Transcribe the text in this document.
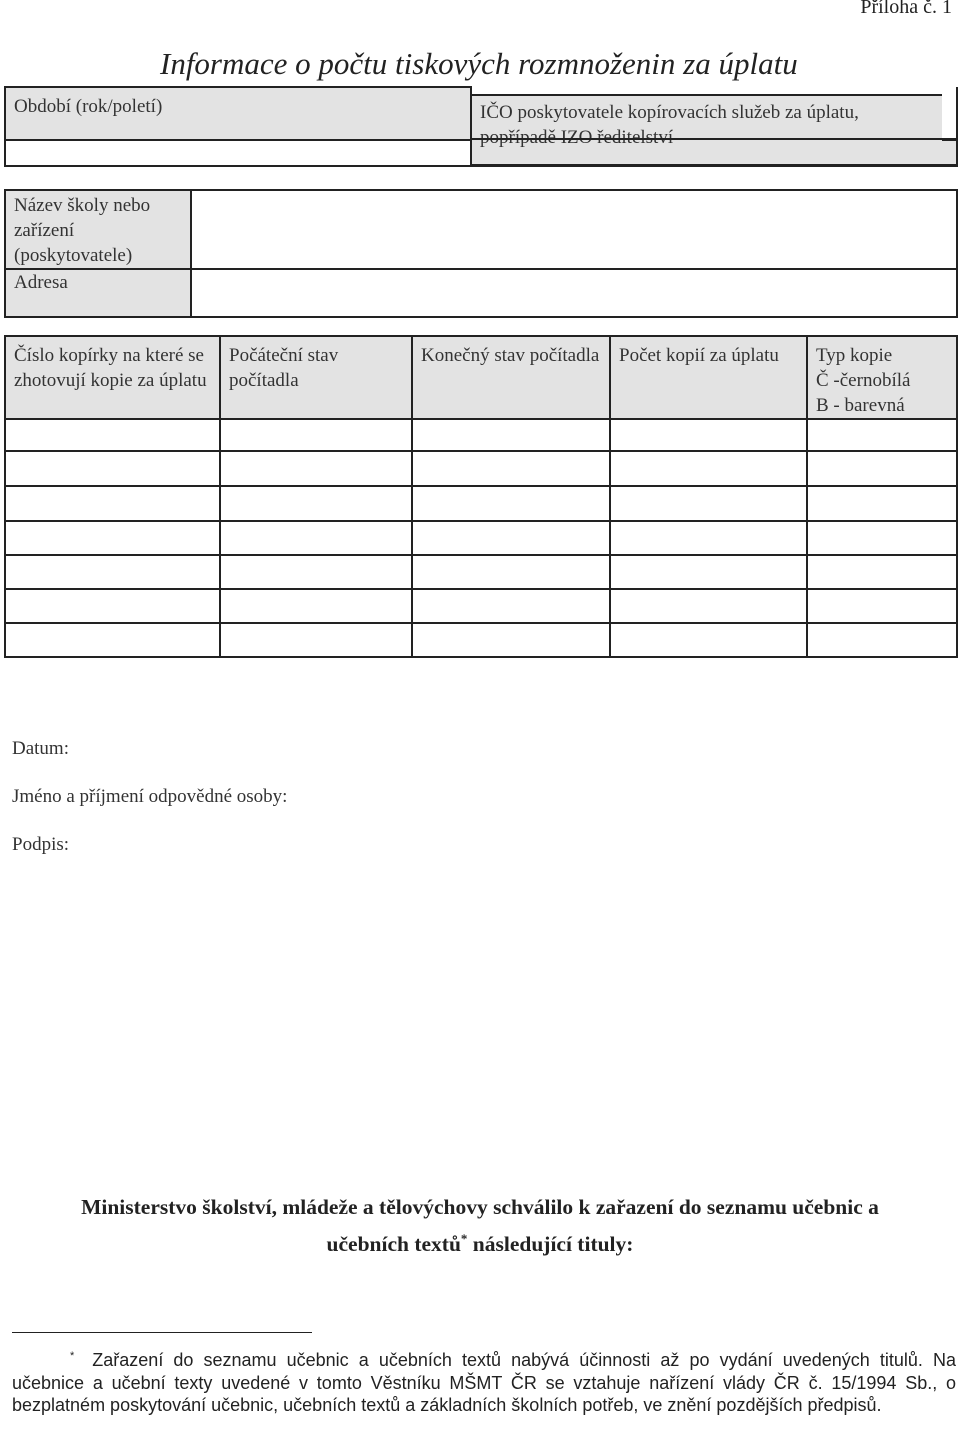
Příloha č. 1
Informace o počtu tiskových rozmnoženin za úplatu
Období (rok/poletí)	

	IČO poskytovatele kopírovacích služeb za úplatu, popřípadě IZO ředitelství
Název školy nebo zařízení (poskytovatele)	

Adresa	

Číslo kopírky na které se zhotovují kopie za úplatu	Počáteční stav počítadla	Konečný stav počítadla	Počet kopií za úplatu	Typ kopie
Č -černobílá
B - barevná

Datum:
Jméno a příjmení odpovědné osoby:
Podpis:
Ministerstvo školství, mládeže a tělovýchovy schválilo k zařazení do seznamu učebnic a
učebních textů* následující tituly:
* Zařazení do seznamu učebnic a učebních textů nabývá účinnosti až po vydání uvedených titulů. Na učebnice a učební texty uvedené v tomto Věstníku MŠMT ČR se vztahuje nařízení vlády ČR č. 15/1994 Sb., o bezplatném poskytování učebnic, učebních textů a základních školních potřeb, ve znění pozdějších předpisů.
